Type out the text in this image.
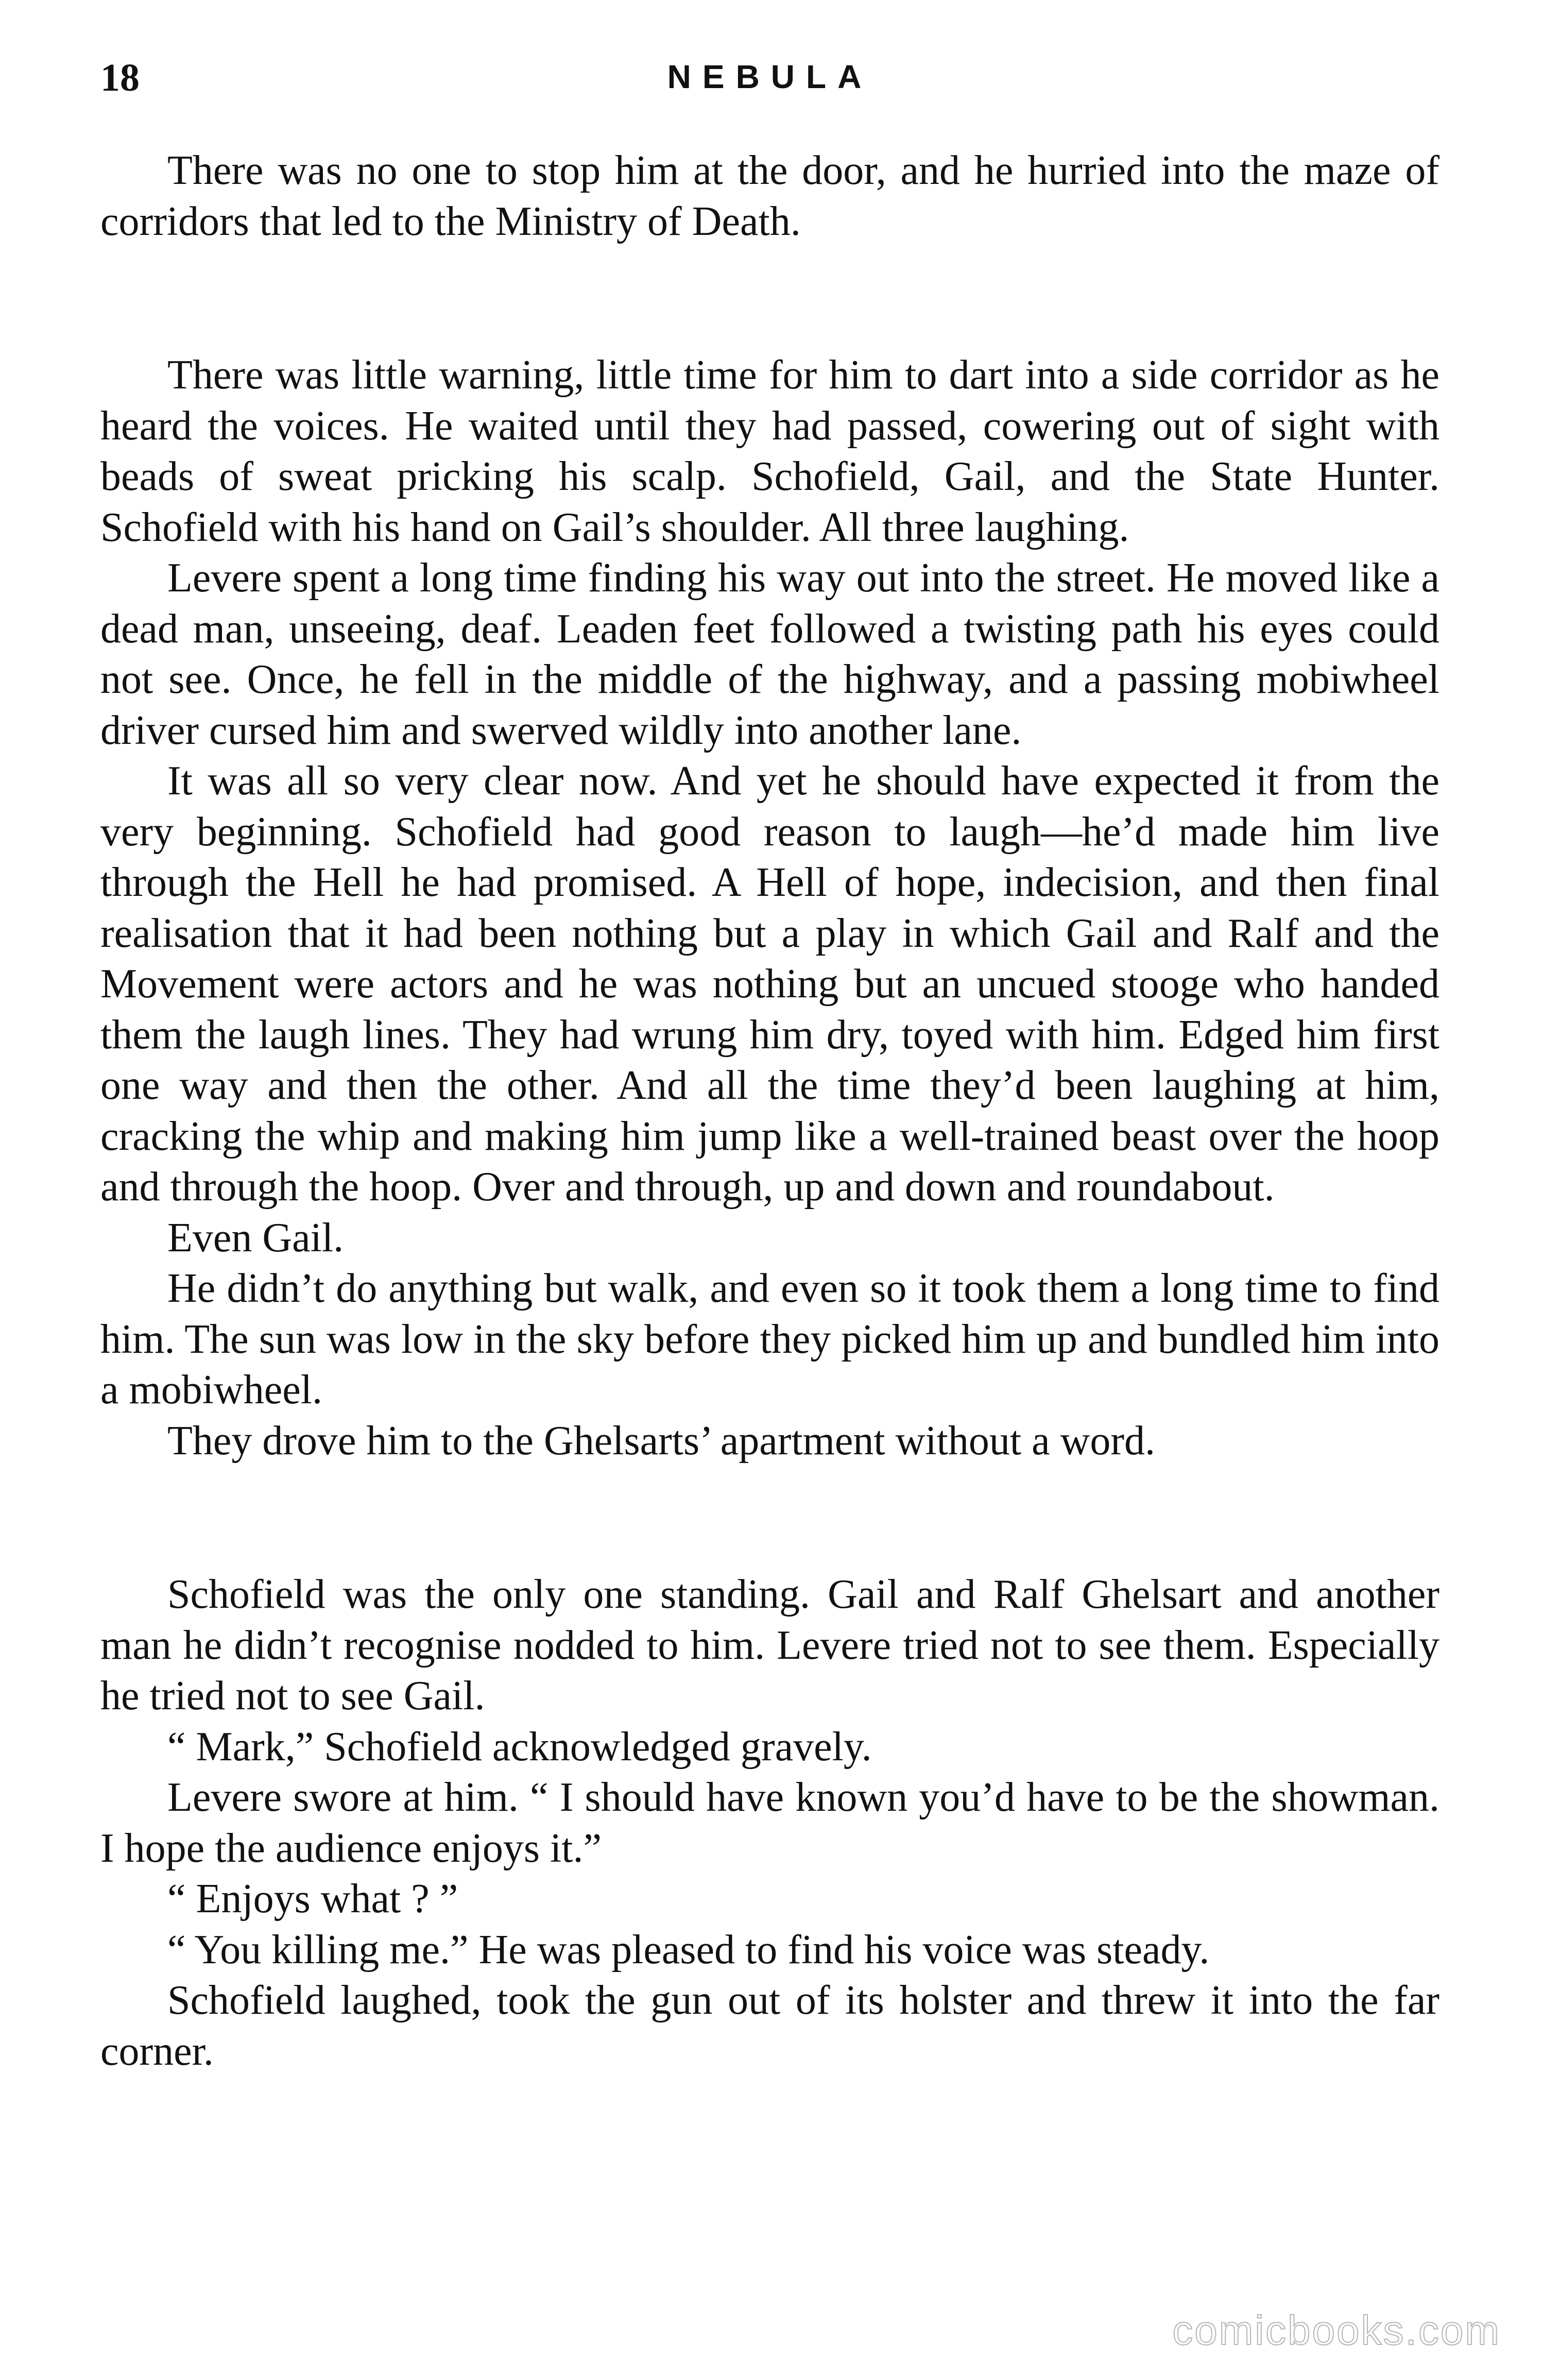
18	NEBULA

There was no one to stop him at the door, and he hurried into the maze of corridors that led to the Ministry of Death.

There was little warning, little time for him to dart into a side corridor as he heard the voices. He waited until they had passed, cowering out of sight with beads of sweat pricking his scalp. Schofield, Gail, and the State Hunter. Schofield with his hand on Gail’s shoulder. All three laughing.

Levere spent a long time finding his way out into the street. He moved like a dead man, unseeing, deaf. Leaden feet followed a twisting path his eyes could not see. Once, he fell in the middle of the highway, and a passing mobiwheel driver cursed him and swerved wildly into another lane.

It was all so very clear now. And yet he should have expected it from the very beginning. Schofield had good reason to laugh—he’d made him live through the Hell he had promised. A Hell of hope, indecision, and then final realisation that it had been nothing but a play in which Gail and Ralf and the Movement were actors and he was nothing but an uncued stooge who handed them the laugh lines. They had wrung him dry, toyed with him. Edged him first one way and then the other. And all the time they’d been laughing at him, cracking the whip and making him jump like a well-trained beast over the hoop and through the hoop. Over and through, up and down and roundabout.

Even Gail.

He didn’t do anything but walk, and even so it took them a long time to find him. The sun was low in the sky before they picked him up and bundled him into a mobiwheel.

They drove him to the Ghelsarts’ apartment without a word.

Schofield was the only one standing. Gail and Ralf Ghelsart and another man he didn’t recognise nodded to him. Levere tried not to see them. Especially he tried not to see Gail.

“ Mark,” Schofield acknowledged gravely.

Levere swore at him. “ I should have known you’d have to be the showman. I hope the audience enjoys it.”

“ Enjoys what ? ”

“ You killing me.” He was pleased to find his voice was steady.

Schofield laughed, took the gun out of its holster and threw it into the far corner.

comicbooks.com
